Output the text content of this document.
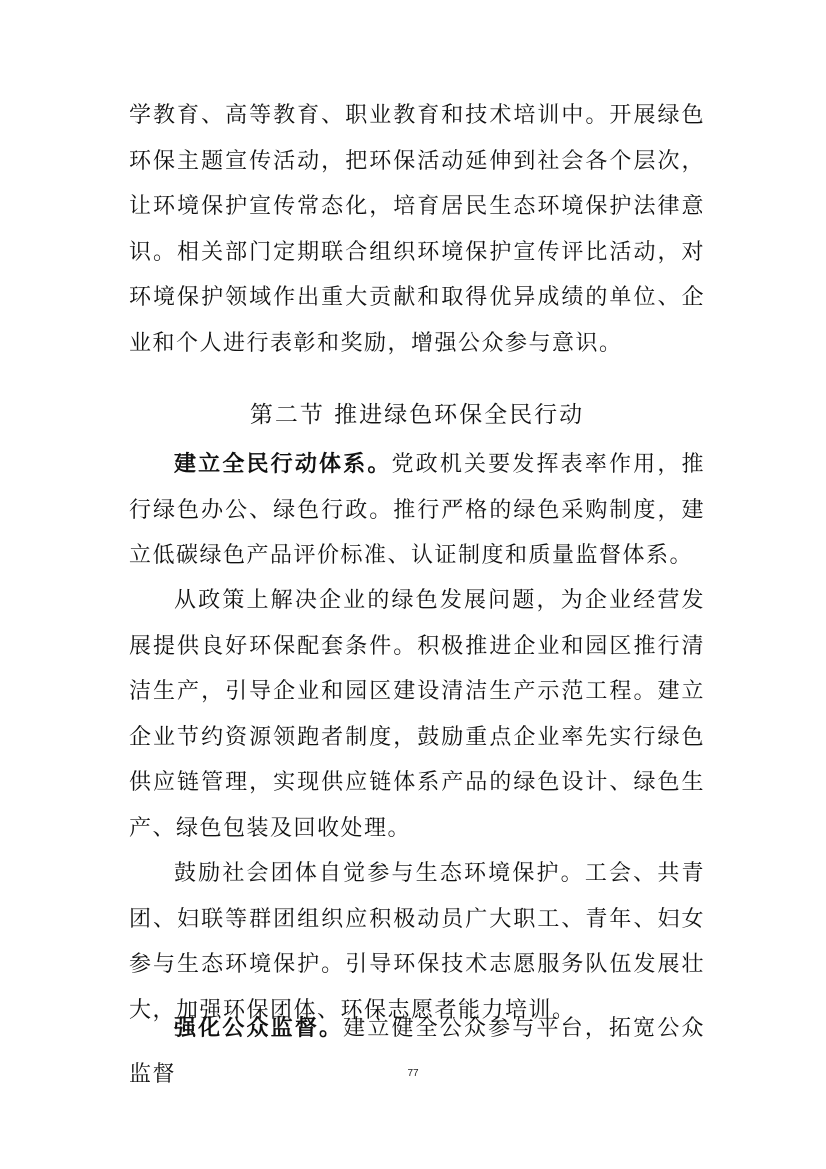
学教育、高等教育、职业教育和技术培训中。开展绿色环保主题宣传活动，把环保活动延伸到社会各个层次，让环境保护宣传常态化，培育居民生态环境保护法律意识。相关部门定期联合组织环境保护宣传评比活动，对环境保护领域作出重大贡献和取得优异成绩的单位、企业和个人进行表彰和奖励，增强公众参与意识。

第二节 推进绿色环保全民行动

建立全民行动体系。党政机关要发挥表率作用，推行绿色办公、绿色行政。推行严格的绿色采购制度，建立低碳绿色产品评价标准、认证制度和质量监督体系。

从政策上解决企业的绿色发展问题，为企业经营发展提供良好环保配套条件。积极推进企业和园区推行清洁生产，引导企业和园区建设清洁生产示范工程。建立企业节约资源领跑者制度，鼓励重点企业率先实行绿色供应链管理，实现供应链体系产品的绿色设计、绿色生产、绿色包装及回收处理。

鼓励社会团体自觉参与生态环境保护。工会、共青团、妇联等群团组织应积极动员广大职工、青年、妇女参与生态环境保护。引导环保技术志愿服务队伍发展壮大，加强环保团体、环保志愿者能力培训。

强化公众监督。建立健全公众参与平台，拓宽公众监督	77
